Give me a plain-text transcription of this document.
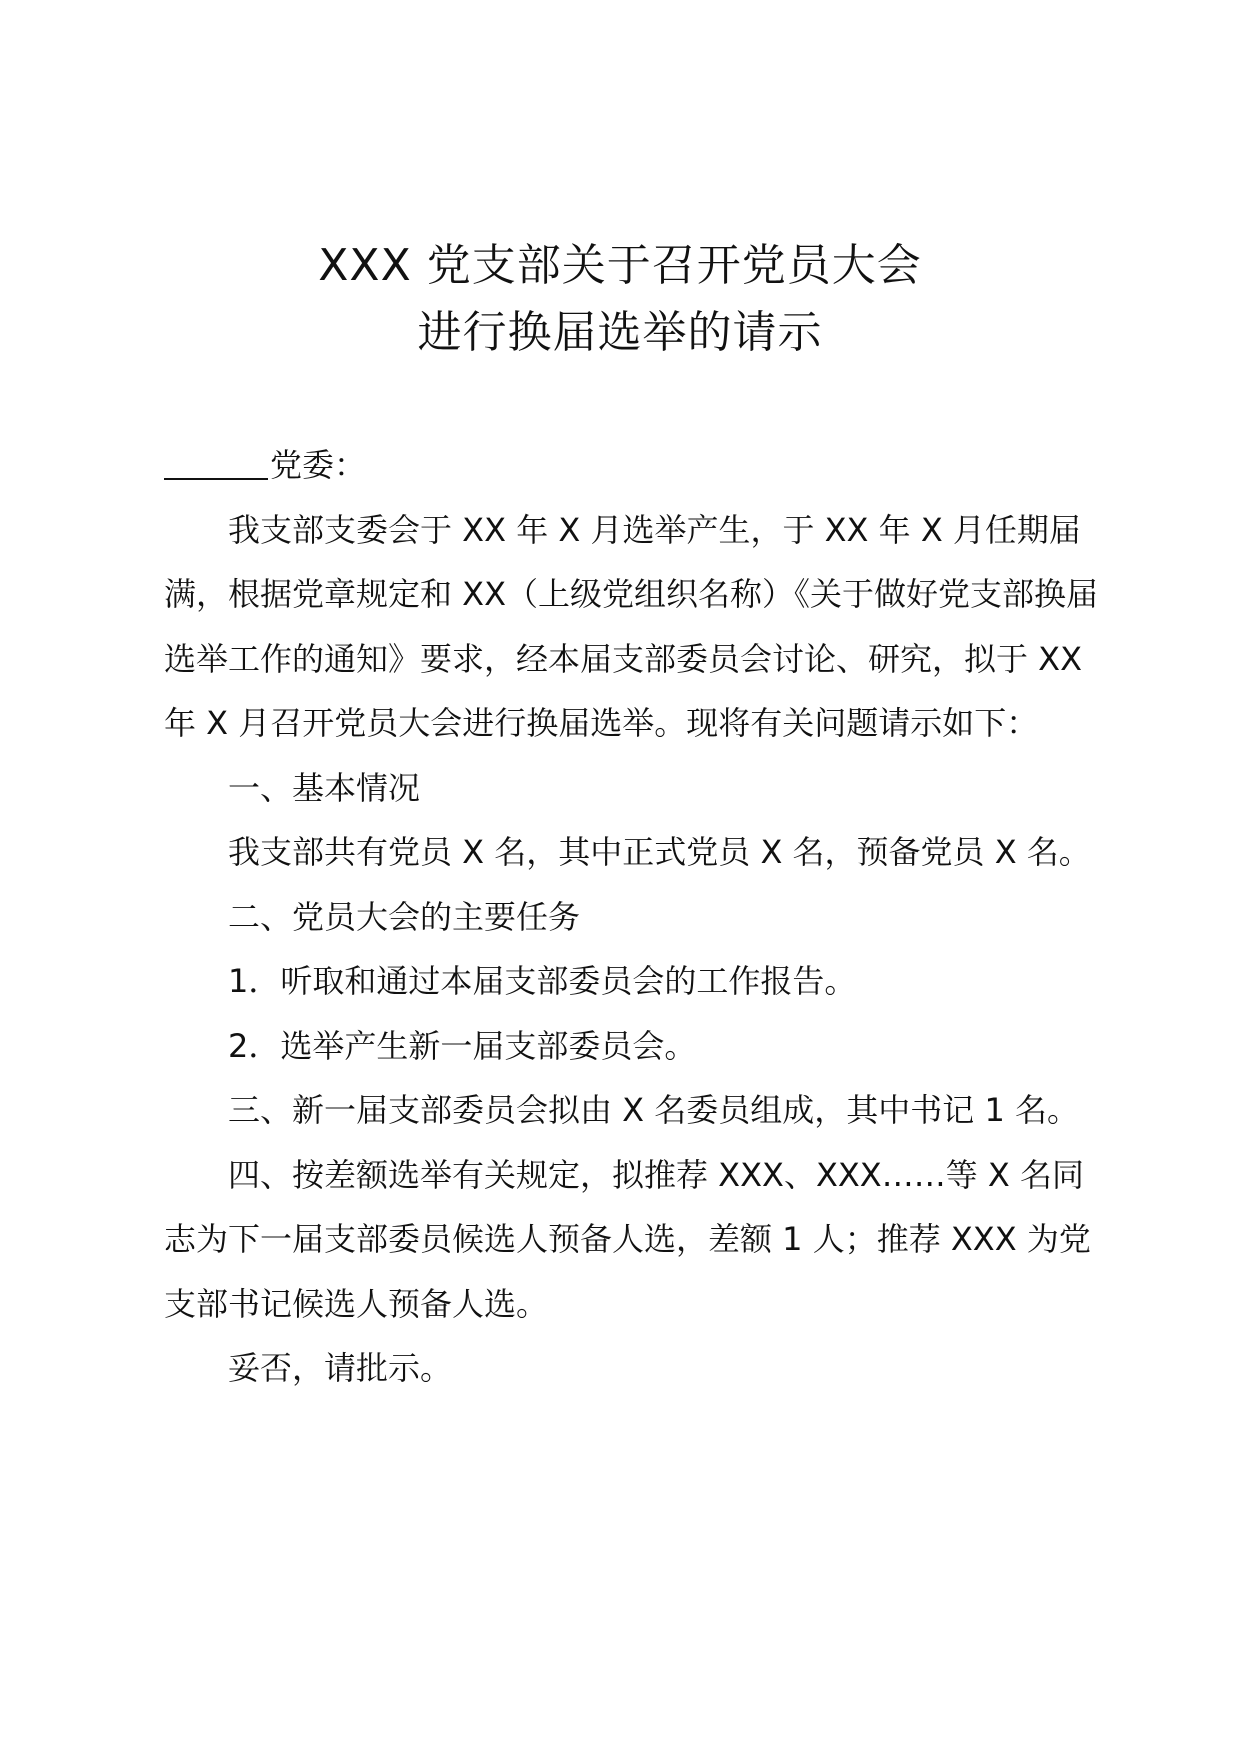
XXX 党支部关于召开党员大会
进行换届选举的请示

党委：

我支部支委会于 XX 年 X 月选举产生，于 XX 年 X 月任期届满，根据党章规定和 XX（上级党组织名称）《关于做好党支部换届选举工作的通知》要求，经本届支部委员会讨论、研究，拟于 XX 年 X 月召开党员大会进行换届选举。现将有关问题请示如下：

一、基本情况

我支部共有党员 X 名，其中正式党员 X 名，预备党员 X 名。

二、党员大会的主要任务

1．听取和通过本届支部委员会的工作报告。

2．选举产生新一届支部委员会。

三、新一届支部委员会拟由 X 名委员组成，其中书记 1 名。

四、按差额选举有关规定，拟推荐 XXX、XXX……等 X 名同志为下一届支部委员候选人预备人选，差额 1 人；推荐 XXX 为党支部书记候选人预备人选。

妥否，请批示。
